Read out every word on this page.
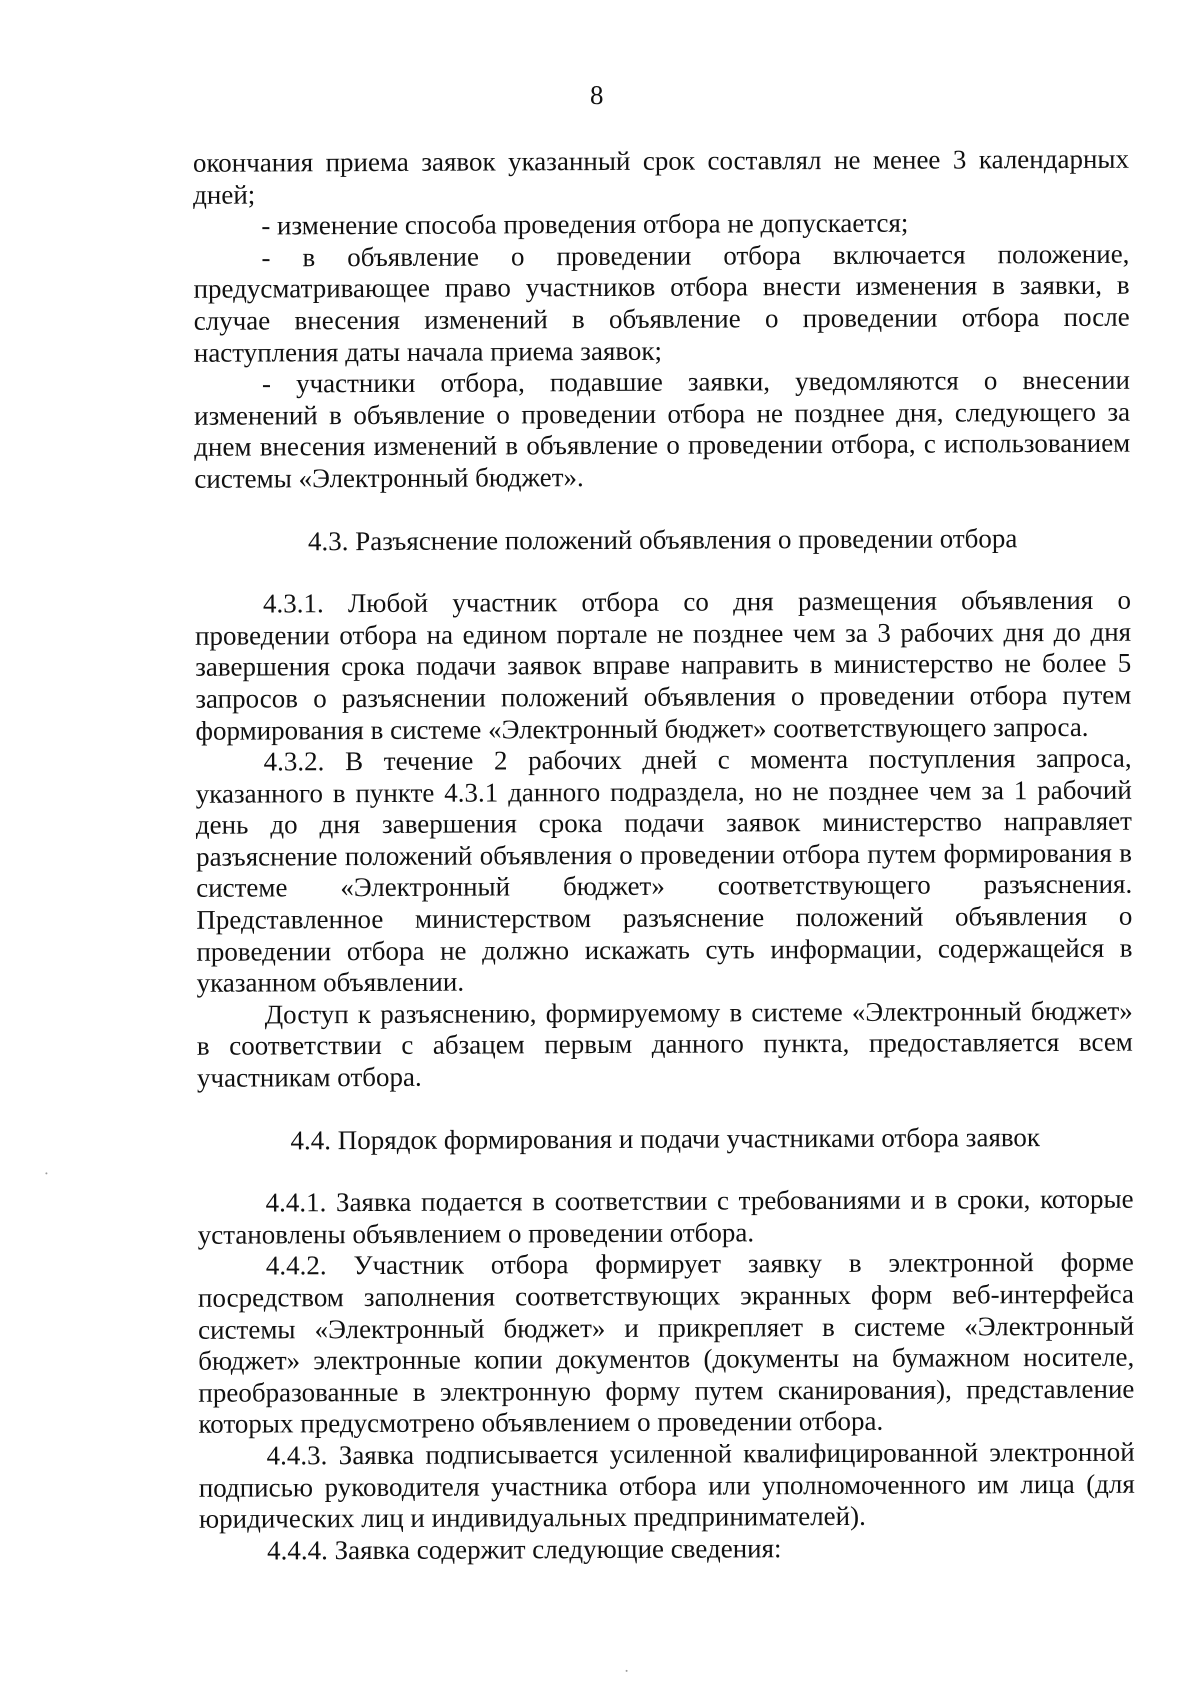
8

окончания приема заявок указанный срок составлял не менее 3 календарных дней;

- изменение способа проведения отбора не допускается;

- в объявление о проведении отбора включается положение, предусматривающее право участников отбора внести изменения в заявки, в случае внесения изменений в объявление о проведении отбора после наступления даты начала приема заявок;

- участники отбора, подавшие заявки, уведомляются о внесении изменений в объявление о проведении отбора не позднее дня, следующего за днем внесения изменений в объявление о проведении отбора, с использованием системы «Электронный бюджет».

4.3. Разъяснение положений объявления о проведении отбора

4.3.1. Любой участник отбора со дня размещения объявления о проведении отбора на едином портале не позднее чем за 3 рабочих дня до дня завершения срока подачи заявок вправе направить в министерство не более 5 запросов о разъяснении положений объявления о проведении отбора путем формирования в системе «Электронный бюджет» соответствующего запроса.

4.3.2. В течение 2 рабочих дней с момента поступления запроса, указанного в пункте 4.3.1 данного подраздела, но не позднее чем за 1 рабочий день до дня завершения срока подачи заявок министерство направляет разъяснение положений объявления о проведении отбора путем формирования в системе «Электронный бюджет» соответствующего разъяснения. Представленное министерством разъяснение положений объявления о проведении отбора не должно искажать суть информации, содержащейся в указанном объявлении.

Доступ к разъяснению, формируемому в системе «Электронный бюджет» в соответствии с абзацем первым данного пункта, предоставляется всем участникам отбора.

4.4. Порядок формирования и подачи участниками отбора заявок

4.4.1. Заявка подается в соответствии с требованиями и в сроки, которые установлены объявлением о проведении отбора.

4.4.2. Участник отбора формирует заявку в электронной форме посредством заполнения соответствующих экранных форм веб-интерфейса системы «Электронный бюджет» и прикрепляет в системе «Электронный бюджет» электронные копии документов (документы на бумажном носителе, преобразованные в электронную форму путем сканирования), представление которых предусмотрено объявлением о проведении отбора.

4.4.3. Заявка подписывается усиленной квалифицированной электронной подписью руководителя участника отбора или уполномоченного им лица (для юридических лиц и индивидуальных предпринимателей).

4.4.4. Заявка содержит следующие сведения:
